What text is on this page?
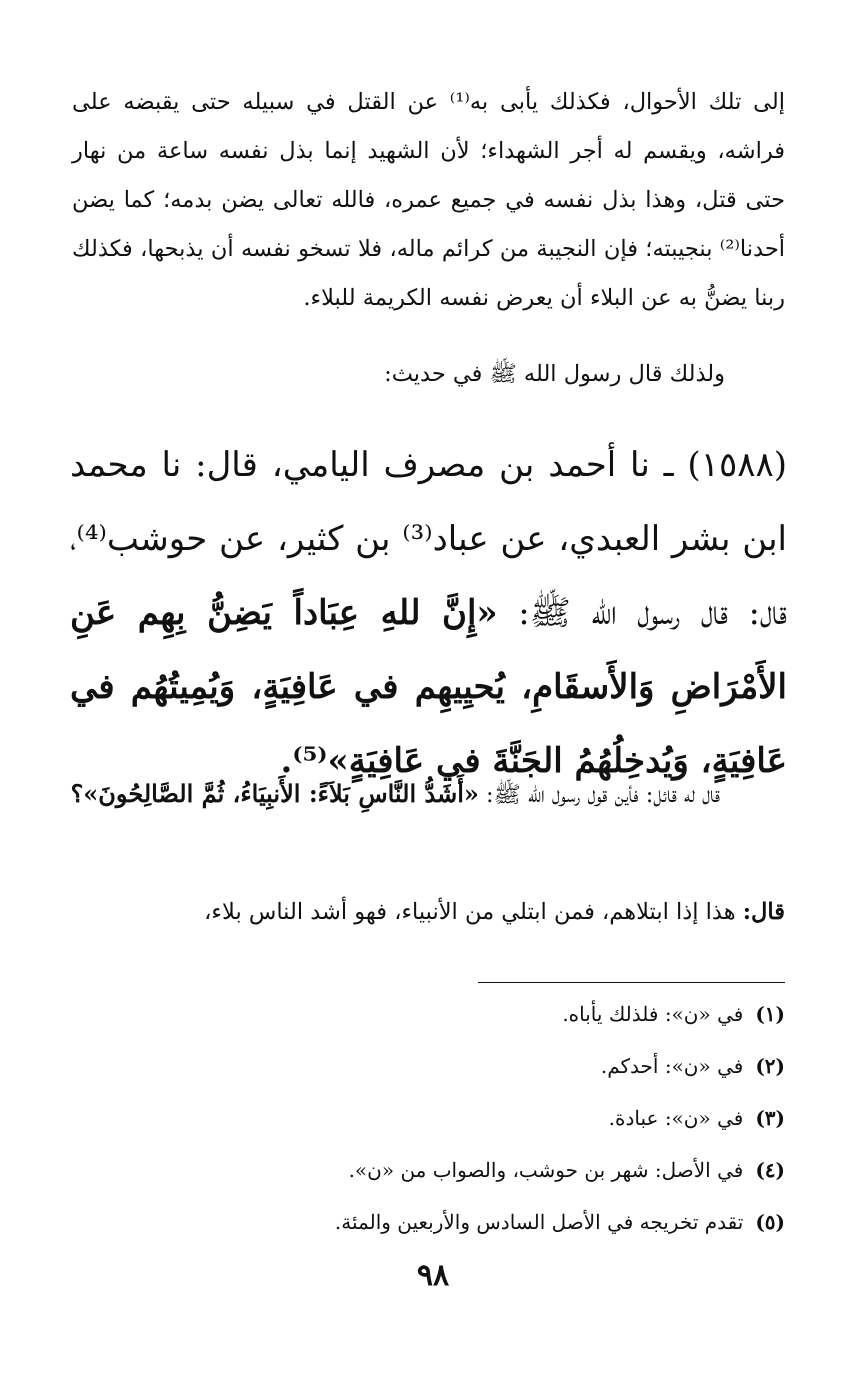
إلى تلك الأحوال، فكذلك يأبى به⁽¹⁾ عن القتل في سبيله حتى يقبضه على فراشه، ويقسم له أجر الشهداء؛ لأن الشهيد إنما بذل نفسه ساعة من نهار حتى قتل، وهذا بذل نفسه في جميع عمره، فالله تعالى يضن بدمه؛ كما يضن أحدنا⁽²⁾ بنجيبته؛ فإن النجيبة من كرائم ماله، فلا تسخو نفسه أن يذبحها، فكذلك ربنا يضنُّ به عن البلاء أن يعرض نفسه الكريمة للبلاء.

ولذلك قال رسول الله ﷺ في حديث:
(١٥٨٨) ـ نا أحمد بن مصرف اليامي، قال: نا محمد ابن بشر العبدي، عن عباد⁽³⁾ بن كثير، عن حوشب⁽⁴⁾، قال: قال رسول الله ﷺ: «إِنَّ للهِ عِبَاداً يَضِنُّ بِهِم عَنِ الأَمْرَاضِ وَالأَسقَامِ، يُحيِيهِم في عَافِيَةٍ، وَيُمِيتُهُم في عَافِيَةٍ، وَيُدخِلُهُمُ الجَنَّةَ في عَافِيَةٍ»⁽⁵⁾.
قال له قائل: فأين قول رسول الله ﷺ: «أَشَدُّ النَّاسِ بَلاَءً: الأَنبِيَاءُ، ثُمَّ الصَّالِحُونَ»؟
قال: هذا إذا ابتلاهم، فمن ابتلي من الأنبياء، فهو أشد الناس بلاء،
(١)في «ن»: فلذلك يأباه.
(٢)في «ن»: أحدكم.
(٣)في «ن»: عبادة.
(٤)في الأصل: شهر بن حوشب، والصواب من «ن».
(٥)تقدم تخريجه في الأصل السادس والأربعين والمئة.
٩٨
